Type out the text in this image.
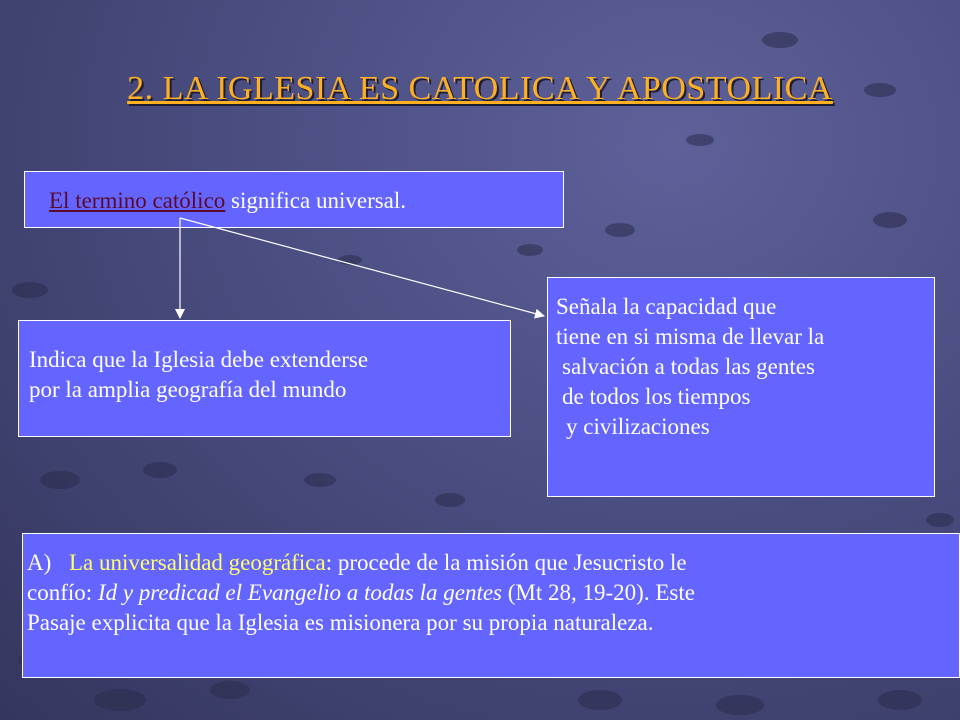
2. LA IGLESIA ES CATOLICA Y APOSTOLICA
El termino católico significa universal.
Indica que la Iglesia debe extenderse
por la amplia geografía del mundo
Señala la capacidad que
tiene en si misma de llevar la
salvación a todas las gentes
de todos los tiempos
y civilizaciones
A) La universalidad geográfica: procede de la misión que Jesucristo le
confío: Id y predicad el Evangelio a todas la gentes (Mt 28, 19-20). Este
Pasaje explicita que la Iglesia es misionera por su propia naturaleza.
